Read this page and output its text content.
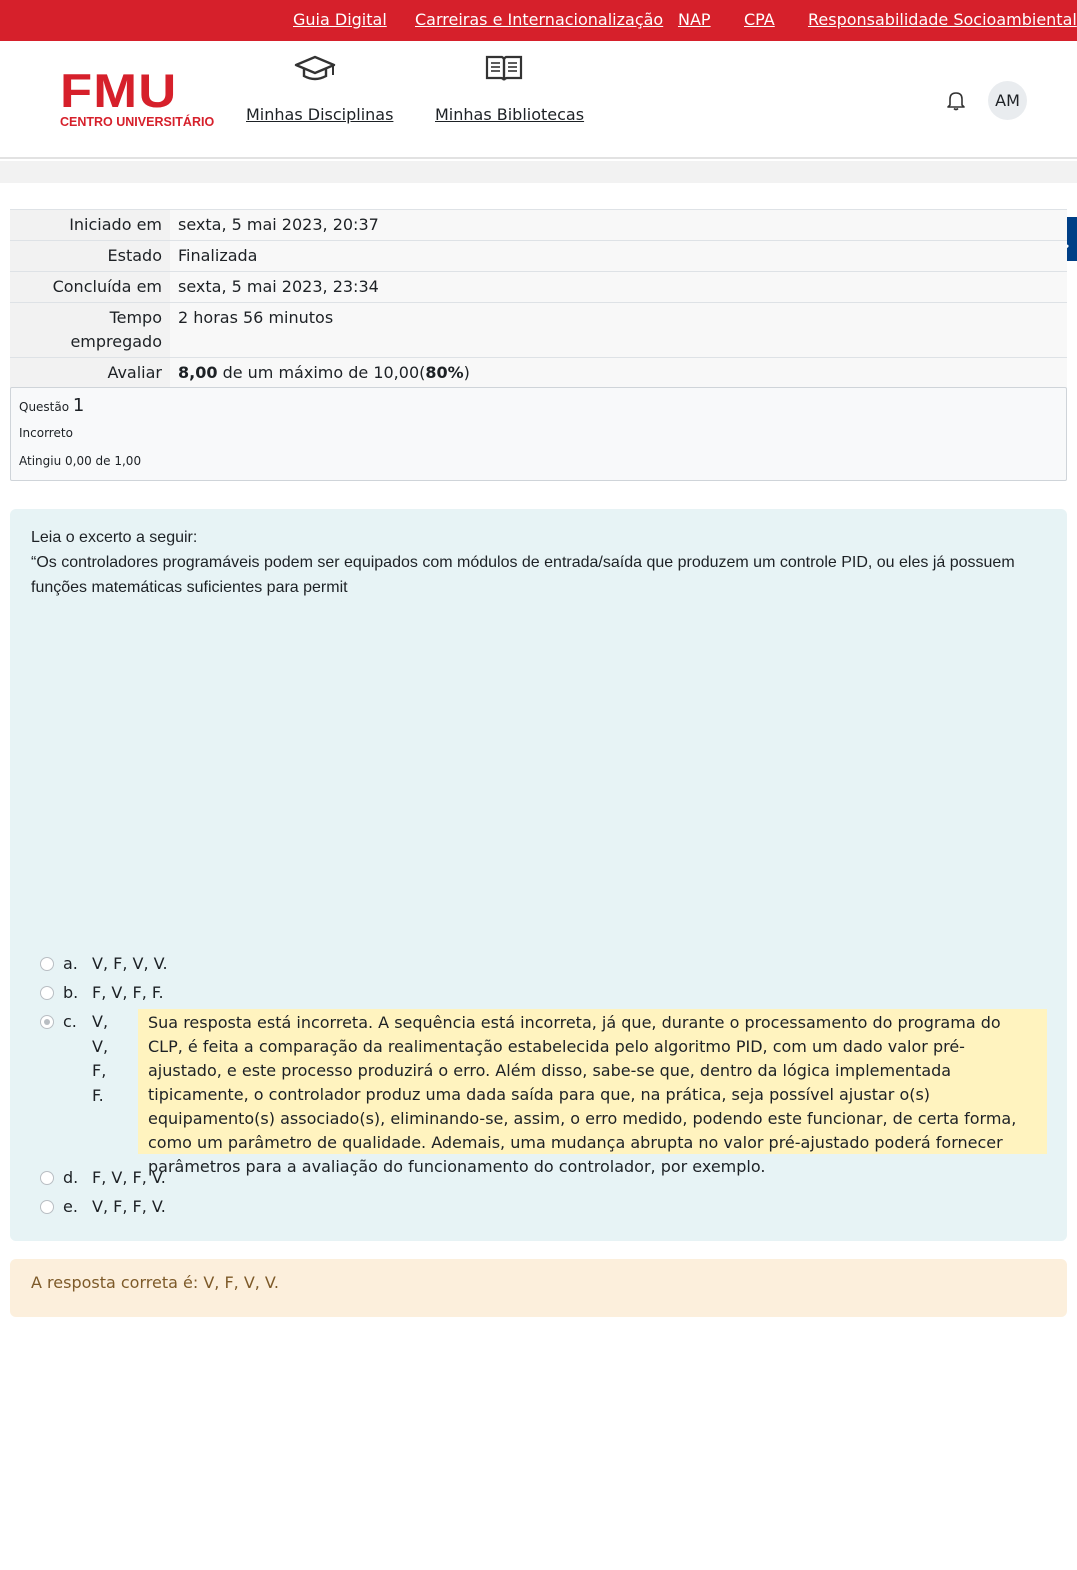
Guia Digital Carreiras e Internacionalização NAP CPA Responsabilidade Socioambiental
FMU
CENTRO UNIVERSITÁRIO Minhas Disciplinas	Minhas Bibliotecas
AM
Iniciado em	sexta, 5 mai 2023, 20:37
Estado	Finalizada
Concluída em	sexta, 5 mai 2023, 23:34
Tempo empregado	2 horas 56 minutos
Avaliar	8,00 de um máximo de 10,00(80%)
Questão 1
Incorreto
Atingiu 0,00 de 1,00
Leia o excerto a seguir:
“Os controladores programáveis podem ser equipados com módulos de entrada/saída que produzem um controle PID, ou eles já possuem funções matemáticas suficientes para permit
a. V, F, V, V.
b. F, V, F, F.
c. V,
V,
F,
F.
Sua resposta está incorreta. A sequência está incorreta, já que, durante o processamento do programa do CLP, é feita a comparação da realimentação estabelecida pelo algoritmo PID, com um dado valor pré-ajustado, e este processo produzirá o erro. Além disso, sabe-se que, dentro da lógica implementada tipicamente, o controlador produz uma dada saída para que, na prática, seja possível ajustar o(s) equipamento(s) associado(s), eliminando-se, assim, o erro medido, podendo este funcionar, de certa forma, como um parâmetro de qualidade. Ademais, uma mudança abrupta no valor pré-ajustado poderá fornecer parâmetros para a avaliação do funcionamento do controlador, por exemplo.
d. F, V, F, V.
e. V, F, F, V.
A resposta correta é: V, F, V, V.
